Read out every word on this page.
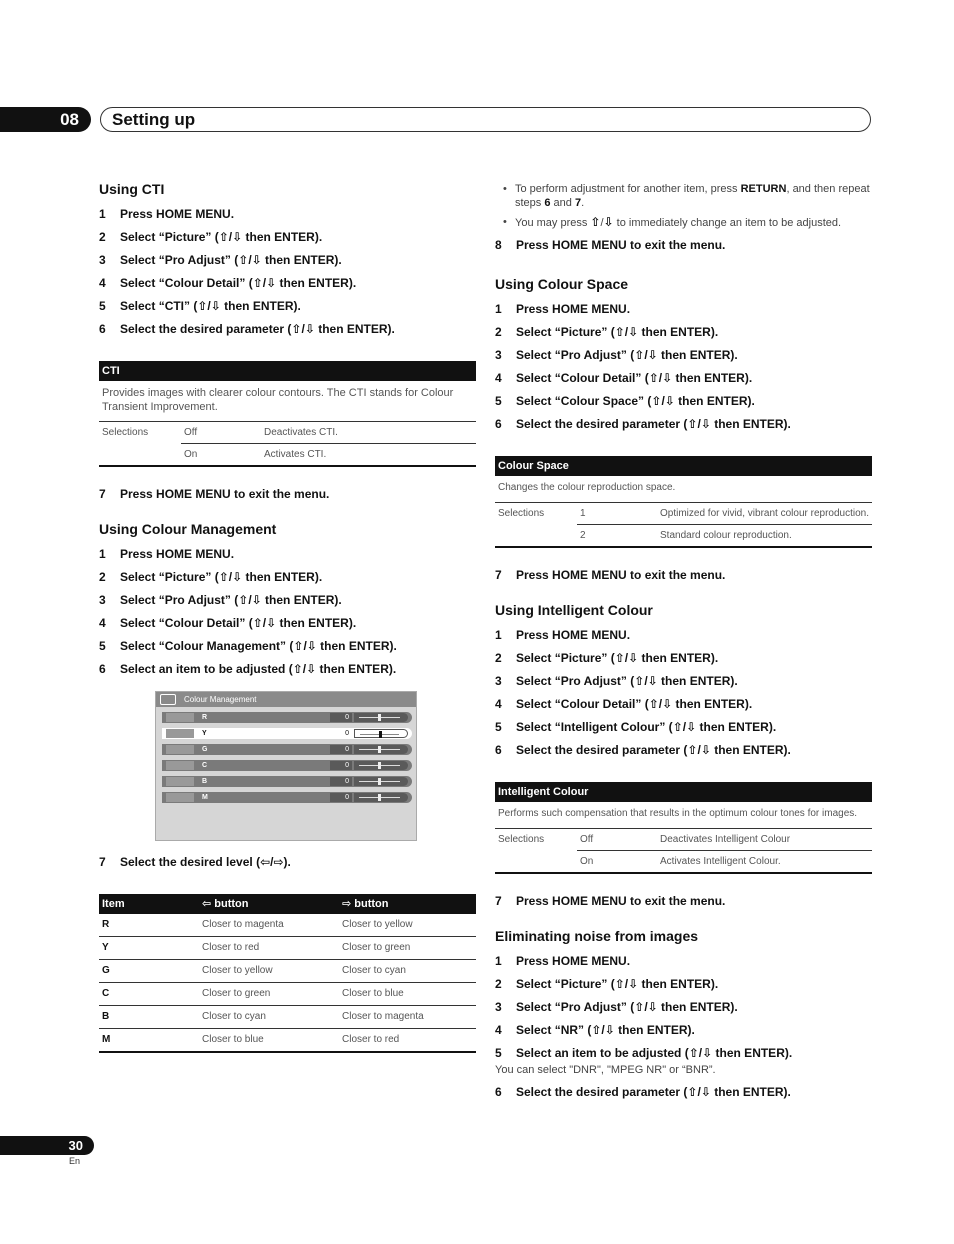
08	Setting up
Using CTI
1	Press HOME MENU.
2	Select “Picture” (⇧/⇩ then ENTER).
3	Select “Pro Adjust” (⇧/⇩ then ENTER).
4	Select “Colour Detail” (⇧/⇩ then ENTER).
5	Select “CTI” (⇧/⇩ then ENTER).
6	Select the desired parameter (⇧/⇩ then ENTER).
CTI		
Provides images with clearer colour contours. The CTI stands for Colour Transient Improvement.		
Selections	Off	Deactivates CTI.
	On	Activates CTI.
7	Press HOME MENU to exit the menu.
Using Colour Management
1	Press HOME MENU.
2	Select “Picture” (⇧/⇩ then ENTER).
3	Select “Pro Adjust” (⇧/⇩ then ENTER).
4	Select “Colour Detail” (⇧/⇩ then ENTER).
5	Select “Colour Management” (⇧/⇩ then ENTER).
6	Select an item to be adjusted (⇧/⇩ then ENTER).
Colour Management
R	0
Y	0
G	0
C	0
B	0
M	0
7	Select the desired level (⇦/⇨).
Item	⇦ button	⇨ button
R	Closer to magenta	Closer to yellow
Y	Closer to red	Closer to green
G	Closer to yellow	Closer to cyan
C	Closer to green	Closer to blue
B	Closer to cyan	Closer to magenta
M	Closer to blue	Closer to red
• To perform adjustment for another item, press RETURN, and then repeat steps 6 and 7.
• You may press ⇧/⇩ to immediately change an item to be adjusted.
8	Press HOME MENU to exit the menu.
Using Colour Space
1	Press HOME MENU.
2	Select “Picture” (⇧/⇩ then ENTER).
3	Select “Pro Adjust” (⇧/⇩ then ENTER).
4	Select “Colour Detail” (⇧/⇩ then ENTER).
5	Select “Colour Space” (⇧/⇩ then ENTER).
6	Select the desired parameter (⇧/⇩ then ENTER).
Colour Space		
Changes the colour reproduction space.		
Selections	1	Optimized for vivid, vibrant colour reproduction.
	2	Standard colour reproduction.
7	Press HOME MENU to exit the menu.
Using Intelligent Colour
1	Press HOME MENU.
2	Select “Picture” (⇧/⇩ then ENTER).
3	Select “Pro Adjust” (⇧/⇩ then ENTER).
4	Select “Colour Detail” (⇧/⇩ then ENTER).
5	Select “Intelligent Colour” (⇧/⇩ then ENTER).
6	Select the desired parameter (⇧/⇩ then ENTER).
Intelligent Colour		
Performs such compensation that results in the optimum colour tones for images.		
Selections	Off	Deactivates Intelligent Colour
	On	Activates Intelligent Colour.
7	Press HOME MENU to exit the menu.
Eliminating noise from images
1	Press HOME MENU.
2	Select “Picture” (⇧/⇩ then ENTER).
3	Select “Pro Adjust” (⇧/⇩ then ENTER).
4	Select “NR” (⇧/⇩ then ENTER).
5	Select an item to be adjusted (⇧/⇩ then ENTER).
You can select "DNR", "MPEG NR" or “BNR”.
6	Select the desired parameter (⇧/⇩ then ENTER).
30
En
